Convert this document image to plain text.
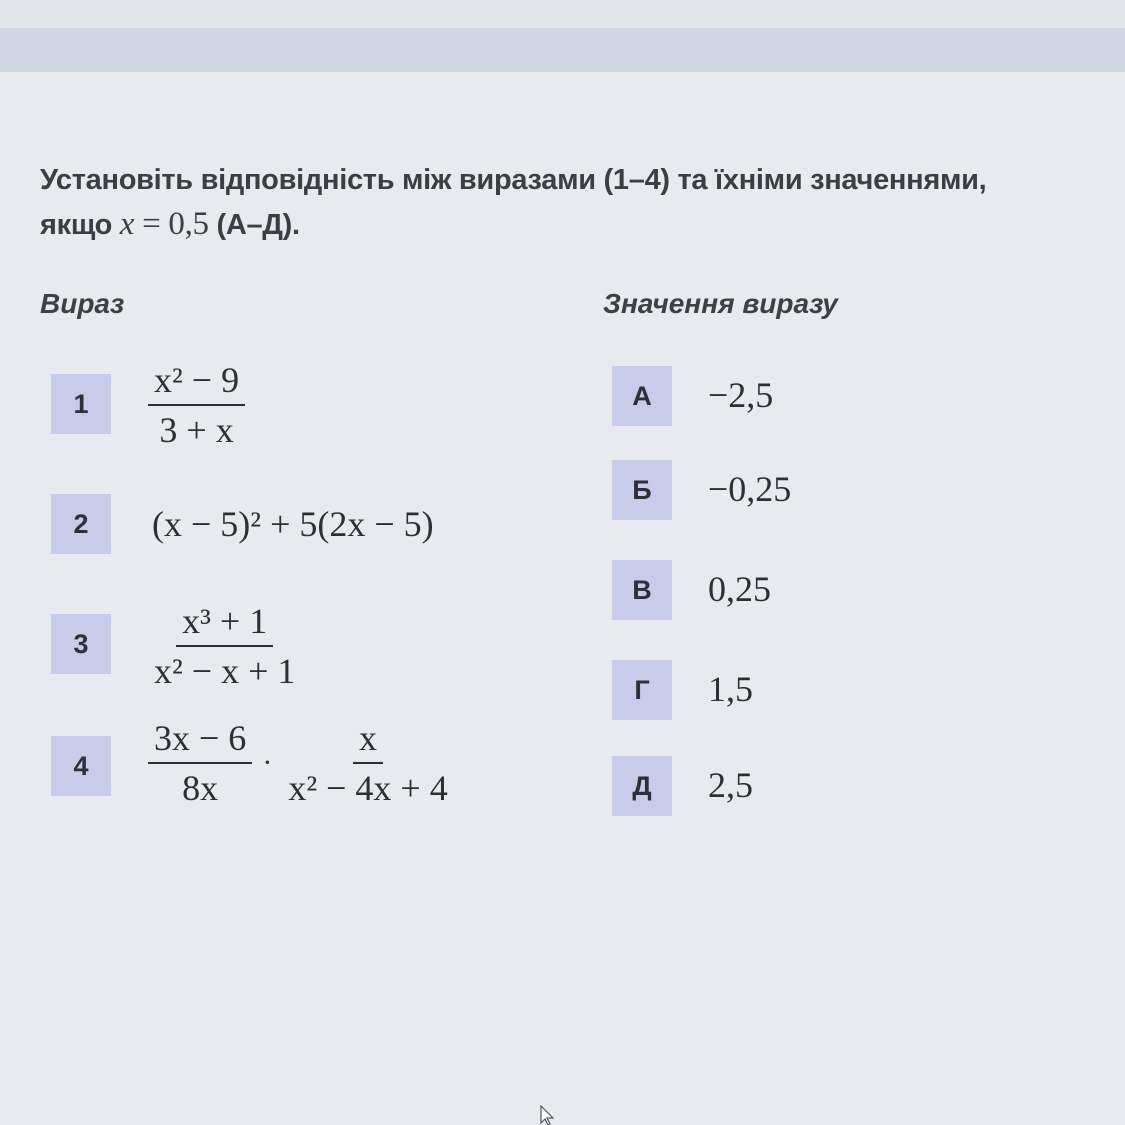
Установіть відповідність між виразами (1–4) та їхніми значеннями,
якщо x = 0,5 (А–Д).
Вираз	Значення виразу
1	$\frac{\text{x² − 9}}{3 + x}$
2	(x − 5)² + 5(2x − 5)
3	$\frac{\text{x³ + 1}}{\text{x² − x + 1}}$
4	$\frac{3x - 6}{8x} \cdot \frac{x}{\text{x² − 4x + 4}}$
А	−2,5
Б	−0,25
В	0,25
Г	1,5
Д	2,5
